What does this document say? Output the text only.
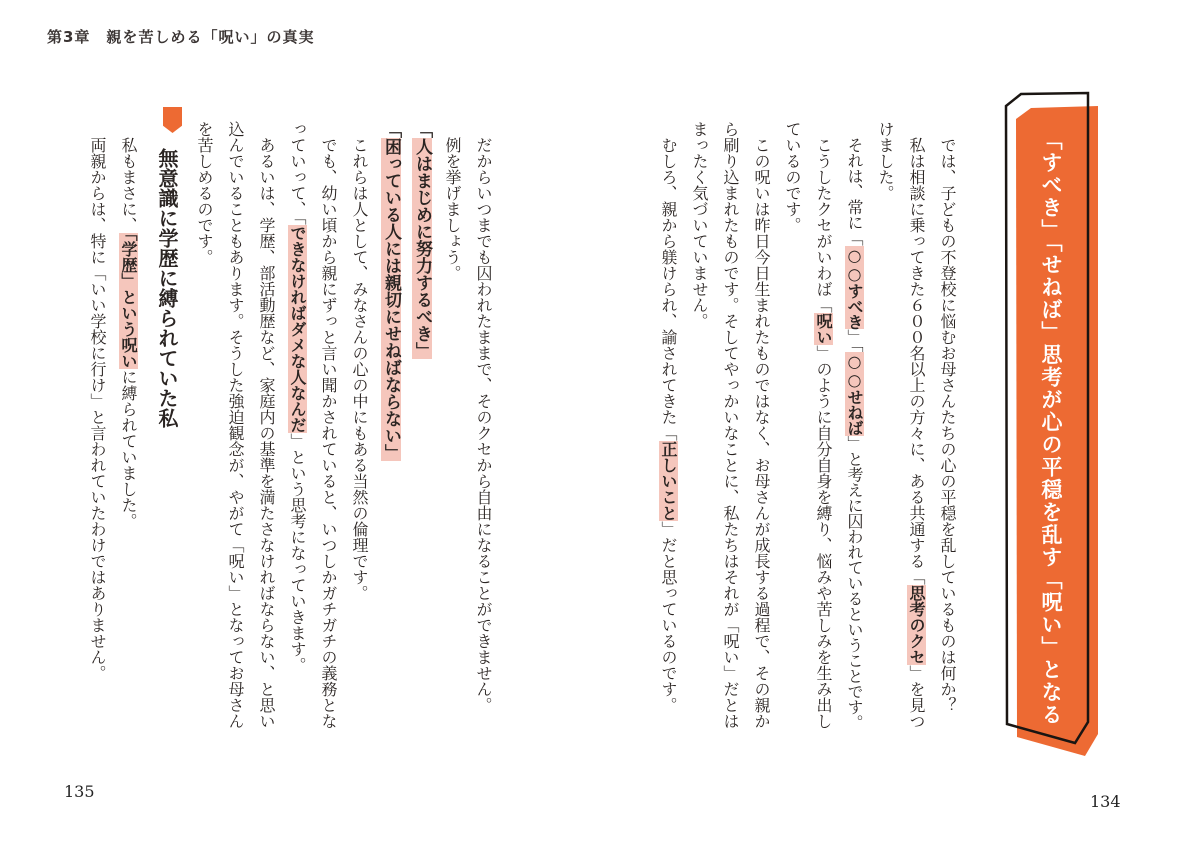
第3章　親を苦しめる「呪い」の真実
「すべき」「せねば」思考が心の平穏を乱す「呪い」となる

では、子どもの不登校に悩むお母さんたちの心の平穏を乱しているものは何か？

私は相談に乗ってきた６００名以上の方々に、ある共通する「思考のクセ」を見つけました。

それは、常に「○○すべき」「○○せねば」と考えに囚われているということです。

こうしたクセがいわば「呪い」のように自分自身を縛り、悩みや苦しみを生み出しているのです。

この呪いは昨日今日生まれたものではなく、お母さんが成長する過程で、その親から刷り込まれたものです。そしてやっかいなことに、私たちはそれが「呪い」だとはまったく気づいていません。

むしろ、親から躾けられ、諭されてきた「正しいこと」だと思っているのです。

だからいつまでも囚われたままで、そのクセから自由になることができません。

例を挙げましょう。

「人はまじめに努力するべき」

「困っている人には親切にせねばならない」

これらは人として、みなさんの心の中にもある当然の倫理です。

でも、幼い頃から親にずっと言い聞かされていると、いつしかガチガチの義務となっていって、「できなければダメな人なんだ」という思考になっていきます。

あるいは、学歴、部活動歴など、家庭内の基準を満たさなければならない、と思い込んでいることもあります。そうした強迫観念が、やがて「呪い」となってお母さんを苦しめるのです。

無意識に学歴に縛られていた私

私もまさに、「学歴」という呪いに縛られていました。

両親からは、特に「いい学校に行け」と言われていたわけではありません。

135
134
